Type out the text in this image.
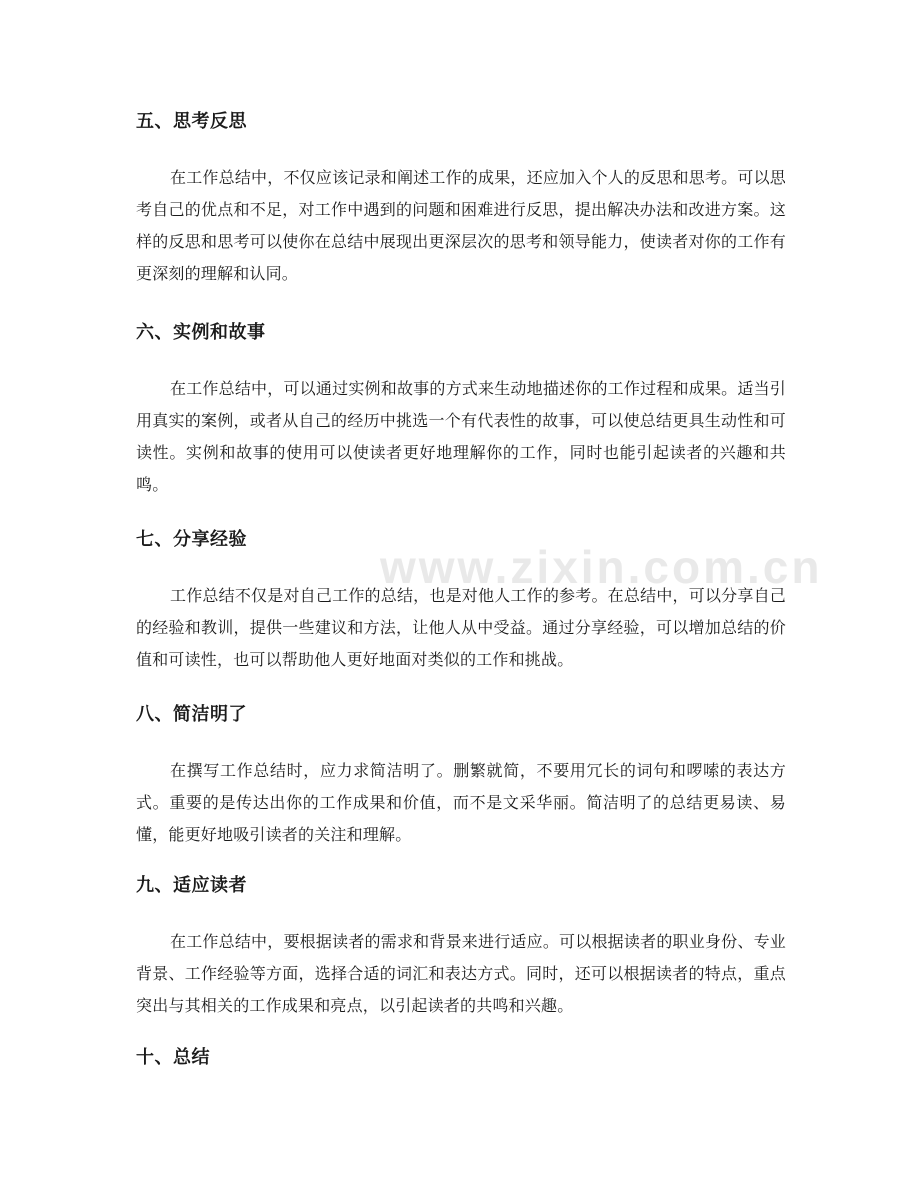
www.zixin.com.cn
五、思考反思

在工作总结中，不仅应该记录和阐述工作的成果，还应加入个人的反思和思考。可以思考自己的优点和不足，对工作中遇到的问题和困难进行反思，提出解决办法和改进方案。这样的反思和思考可以使你在总结中展现出更深层次的思考和领导能力，使读者对你的工作有更深刻的理解和认同。

六、实例和故事

在工作总结中，可以通过实例和故事的方式来生动地描述你的工作过程和成果。适当引用真实的案例，或者从自己的经历中挑选一个有代表性的故事，可以使总结更具生动性和可读性。实例和故事的使用可以使读者更好地理解你的工作，同时也能引起读者的兴趣和共鸣。

七、分享经验

工作总结不仅是对自己工作的总结，也是对他人工作的参考。在总结中，可以分享自己的经验和教训，提供一些建议和方法，让他人从中受益。通过分享经验，可以增加总结的价值和可读性，也可以帮助他人更好地面对类似的工作和挑战。

八、简洁明了

在撰写工作总结时，应力求简洁明了。删繁就简，不要用冗长的词句和啰嗦的表达方式。重要的是传达出你的工作成果和价值，而不是文采华丽。简洁明了的总结更易读、易懂，能更好地吸引读者的关注和理解。

九、适应读者

在工作总结中，要根据读者的需求和背景来进行适应。可以根据读者的职业身份、专业背景、工作经验等方面，选择合适的词汇和表达方式。同时，还可以根据读者的特点，重点突出与其相关的工作成果和亮点，以引起读者的共鸣和兴趣。

十、总结
